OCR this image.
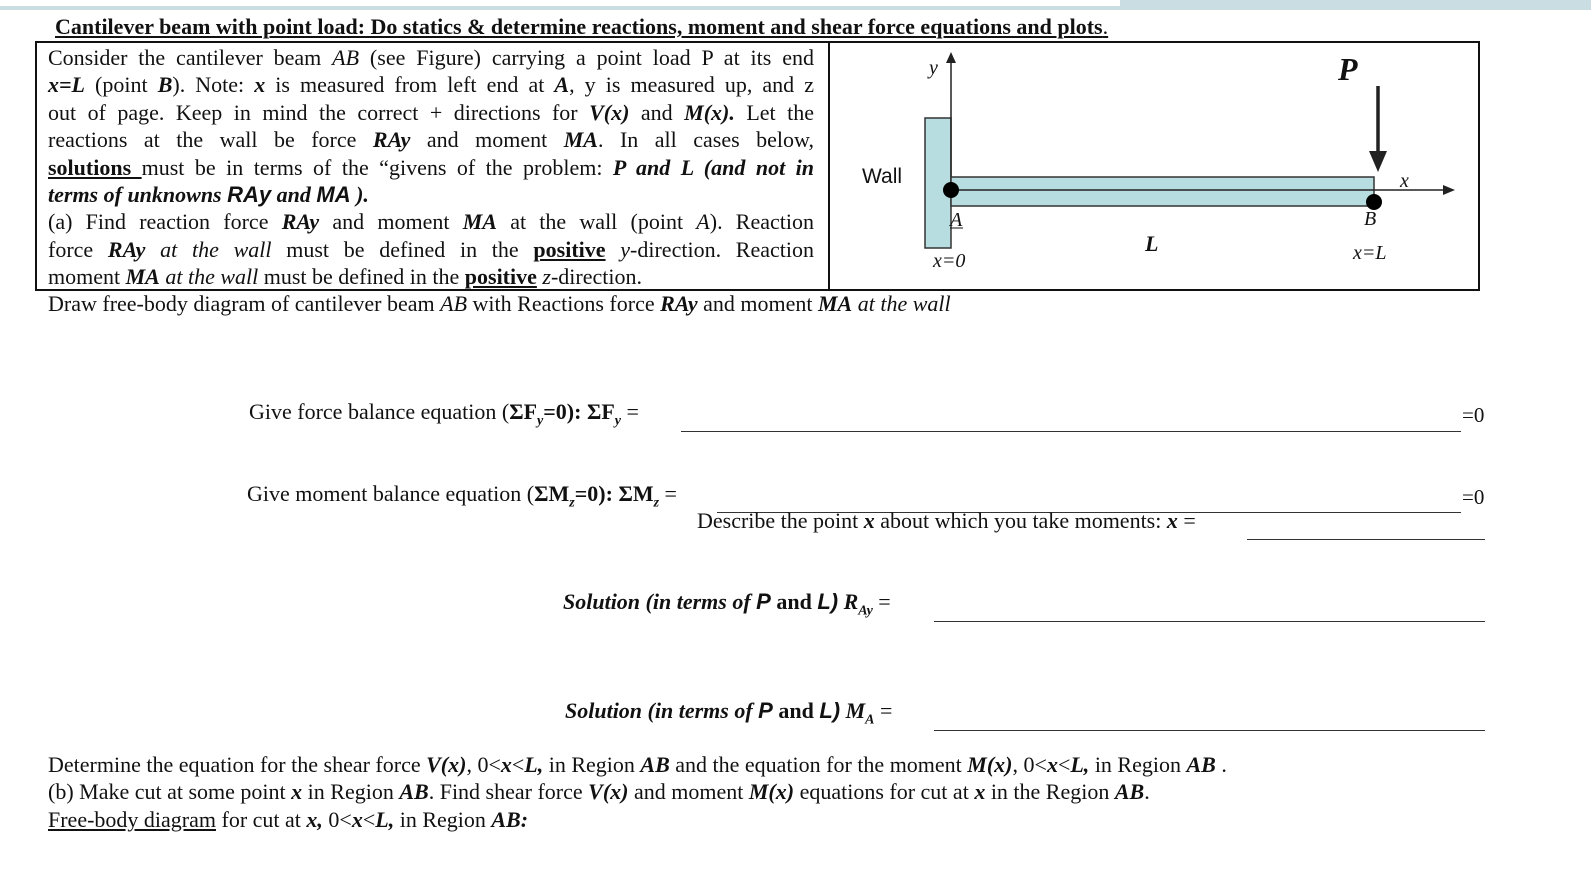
Cantilever beam with point load: Do statics & determine reactions, moment and shear force equations and plots.
Consider the cantilever beam AB (see Figure) carrying a point load P at its end
x=L (point B). Note: x is measured from left end at A, y is measured up, and z
out of page. Keep in mind the correct + directions for V(x) and M(x). Let the
reactions at the wall be force RAy and moment MA. In all cases below,
solutions must be in terms of the “givens of the problem: P and L (and not in
terms of unknowns RAy and MA ).
(a) Find reaction force RAy and moment MA at the wall (point A). Reaction
force RAy at the wall must be defined in the positive y-direction. Reaction
moment MA at the wall must be defined in the positive z-direction.
Wall
y
x
P
A	B
L
x=0	x=L
Draw free-body diagram of cantilever beam AB with Reactions force RAy and moment MA at the wall
Give force balance equation $(\Sigma F_y=0)$: $\Sigma F_y$ =	=0
Give moment balance equation $(\Sigma M_z=0)$: $\Sigma M_z$ =	=0
Describe the point x about which you take moments: x =
Solution (in terms of P and L) $R_{Ay}$ =
Solution (in terms of P and L) $M_A$ =
Determine the equation for the shear force V(x), 0<x<L, in Region AB and the equation for the moment M(x), 0<x<L, in Region AB .
(b) Make cut at some point x in Region AB. Find shear force V(x) and moment M(x) equations for cut at x in the Region AB.
Free-body diagram for cut at x, 0<x<L, in Region AB:
